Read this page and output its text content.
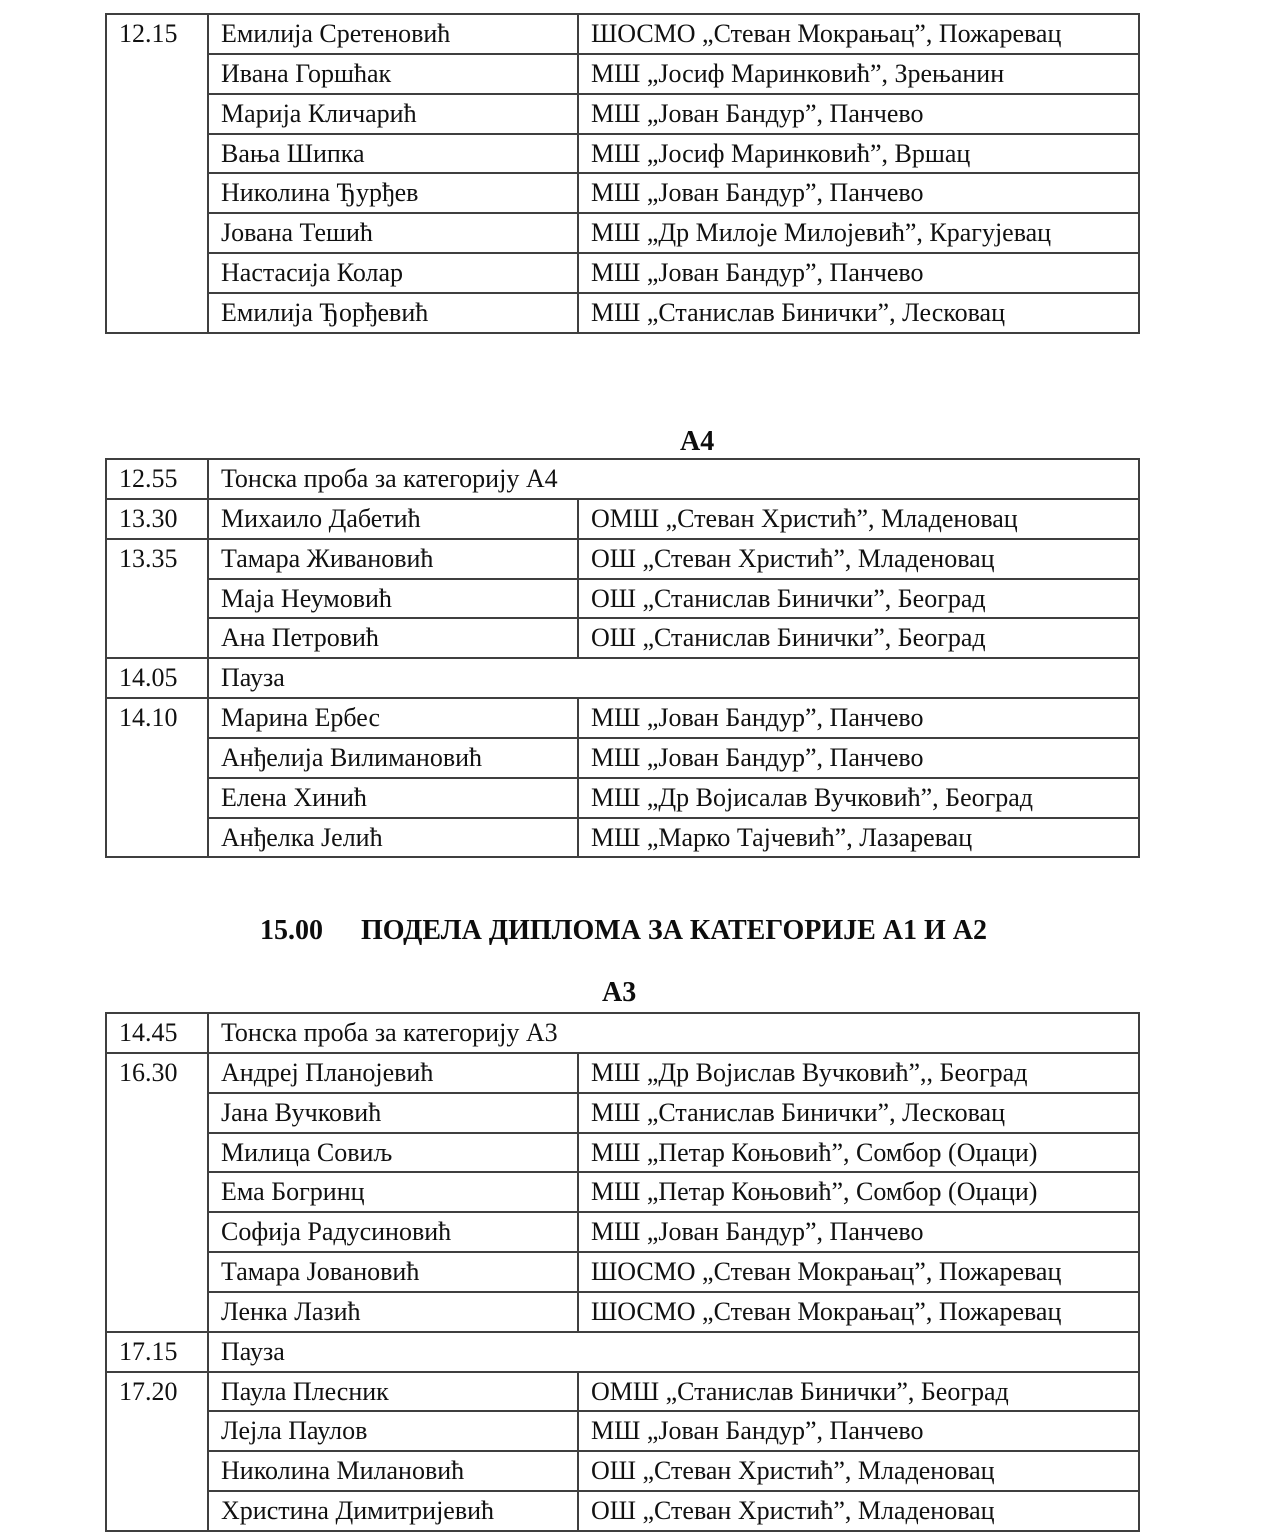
12.15	Емилија Сретеновић	ШОСМО „Стеван Мокрањац”, Пожаревац
	Ивана Горшћак	МШ „Јосиф Маринковић”, Зрењанин
	Марија Кличарић	МШ „Јован Бандур”, Панчево
	Вања Шипка	МШ „Јосиф Маринковић”, Вршац
	Николина Ђурђев	МШ „Јован Бандур”, Панчево
	Јована Тешић	МШ „Др Милоје Милојевић”, Крагујевац
	Настасија Колар	МШ „Јован Бандур”, Панчево
	Емилија Ђорђевић	МШ „Станислав Бинички”, Лесковац

А4

12.55	Тонска проба за категорију А4	
13.30	Михаило Дабетић	ОМШ „Стеван Христић”, Младеновац
13.35	Тамара Живановић	ОШ „Стеван Христић”, Младеновац
	Маја Неумовић	ОШ „Станислав Бинички”, Београд
	Ана Петровић	ОШ „Станислав Бинички”, Београд
14.05	Пауза	
14.10	Марина Ербес	МШ „Јован Бандур”, Панчево
	Анђелија Вилимановић	МШ „Јован Бандур”, Панчево
	Елена Хинић	МШ „Др Војисалав Вучковић”, Београд
	Анђелка Јелић	МШ „Марко Тајчевић”, Лазаревац

15.00 ПОДЕЛА ДИПЛОМА ЗА КАТЕГОРИЈЕ А1 И А2

А3

14.45	Тонска проба за категорију А3	
16.30	Андреј Планојевић	МШ „Др Војислав Вучковић”,, Београд
	Јана Вучковић	МШ „Станислав Бинички”, Лесковац
	Милица Совиљ	МШ „Петар Коњовић”, Сомбор (Оџаци)
	Ема Богринц	МШ „Петар Коњовић”, Сомбор (Оџаци)
	Софија Радусиновић	МШ „Јован Бандур”, Панчево
	Тамара Јовановић	ШОСМО „Стеван Мокрањац”, Пожаревац
	Ленка Лазић	ШОСМО „Стеван Мокрањац”, Пожаревац
17.15	Пауза	
17.20	Паула Плесник	ОМШ „Станислав Бинички”, Београд
	Лејла Паулов	МШ „Јован Бандур”, Панчево
	Николина Милановић	ОШ „Стеван Христић”, Младеновац
	Христина Димитријевић	ОШ „Стеван Христић”, Младеновац
